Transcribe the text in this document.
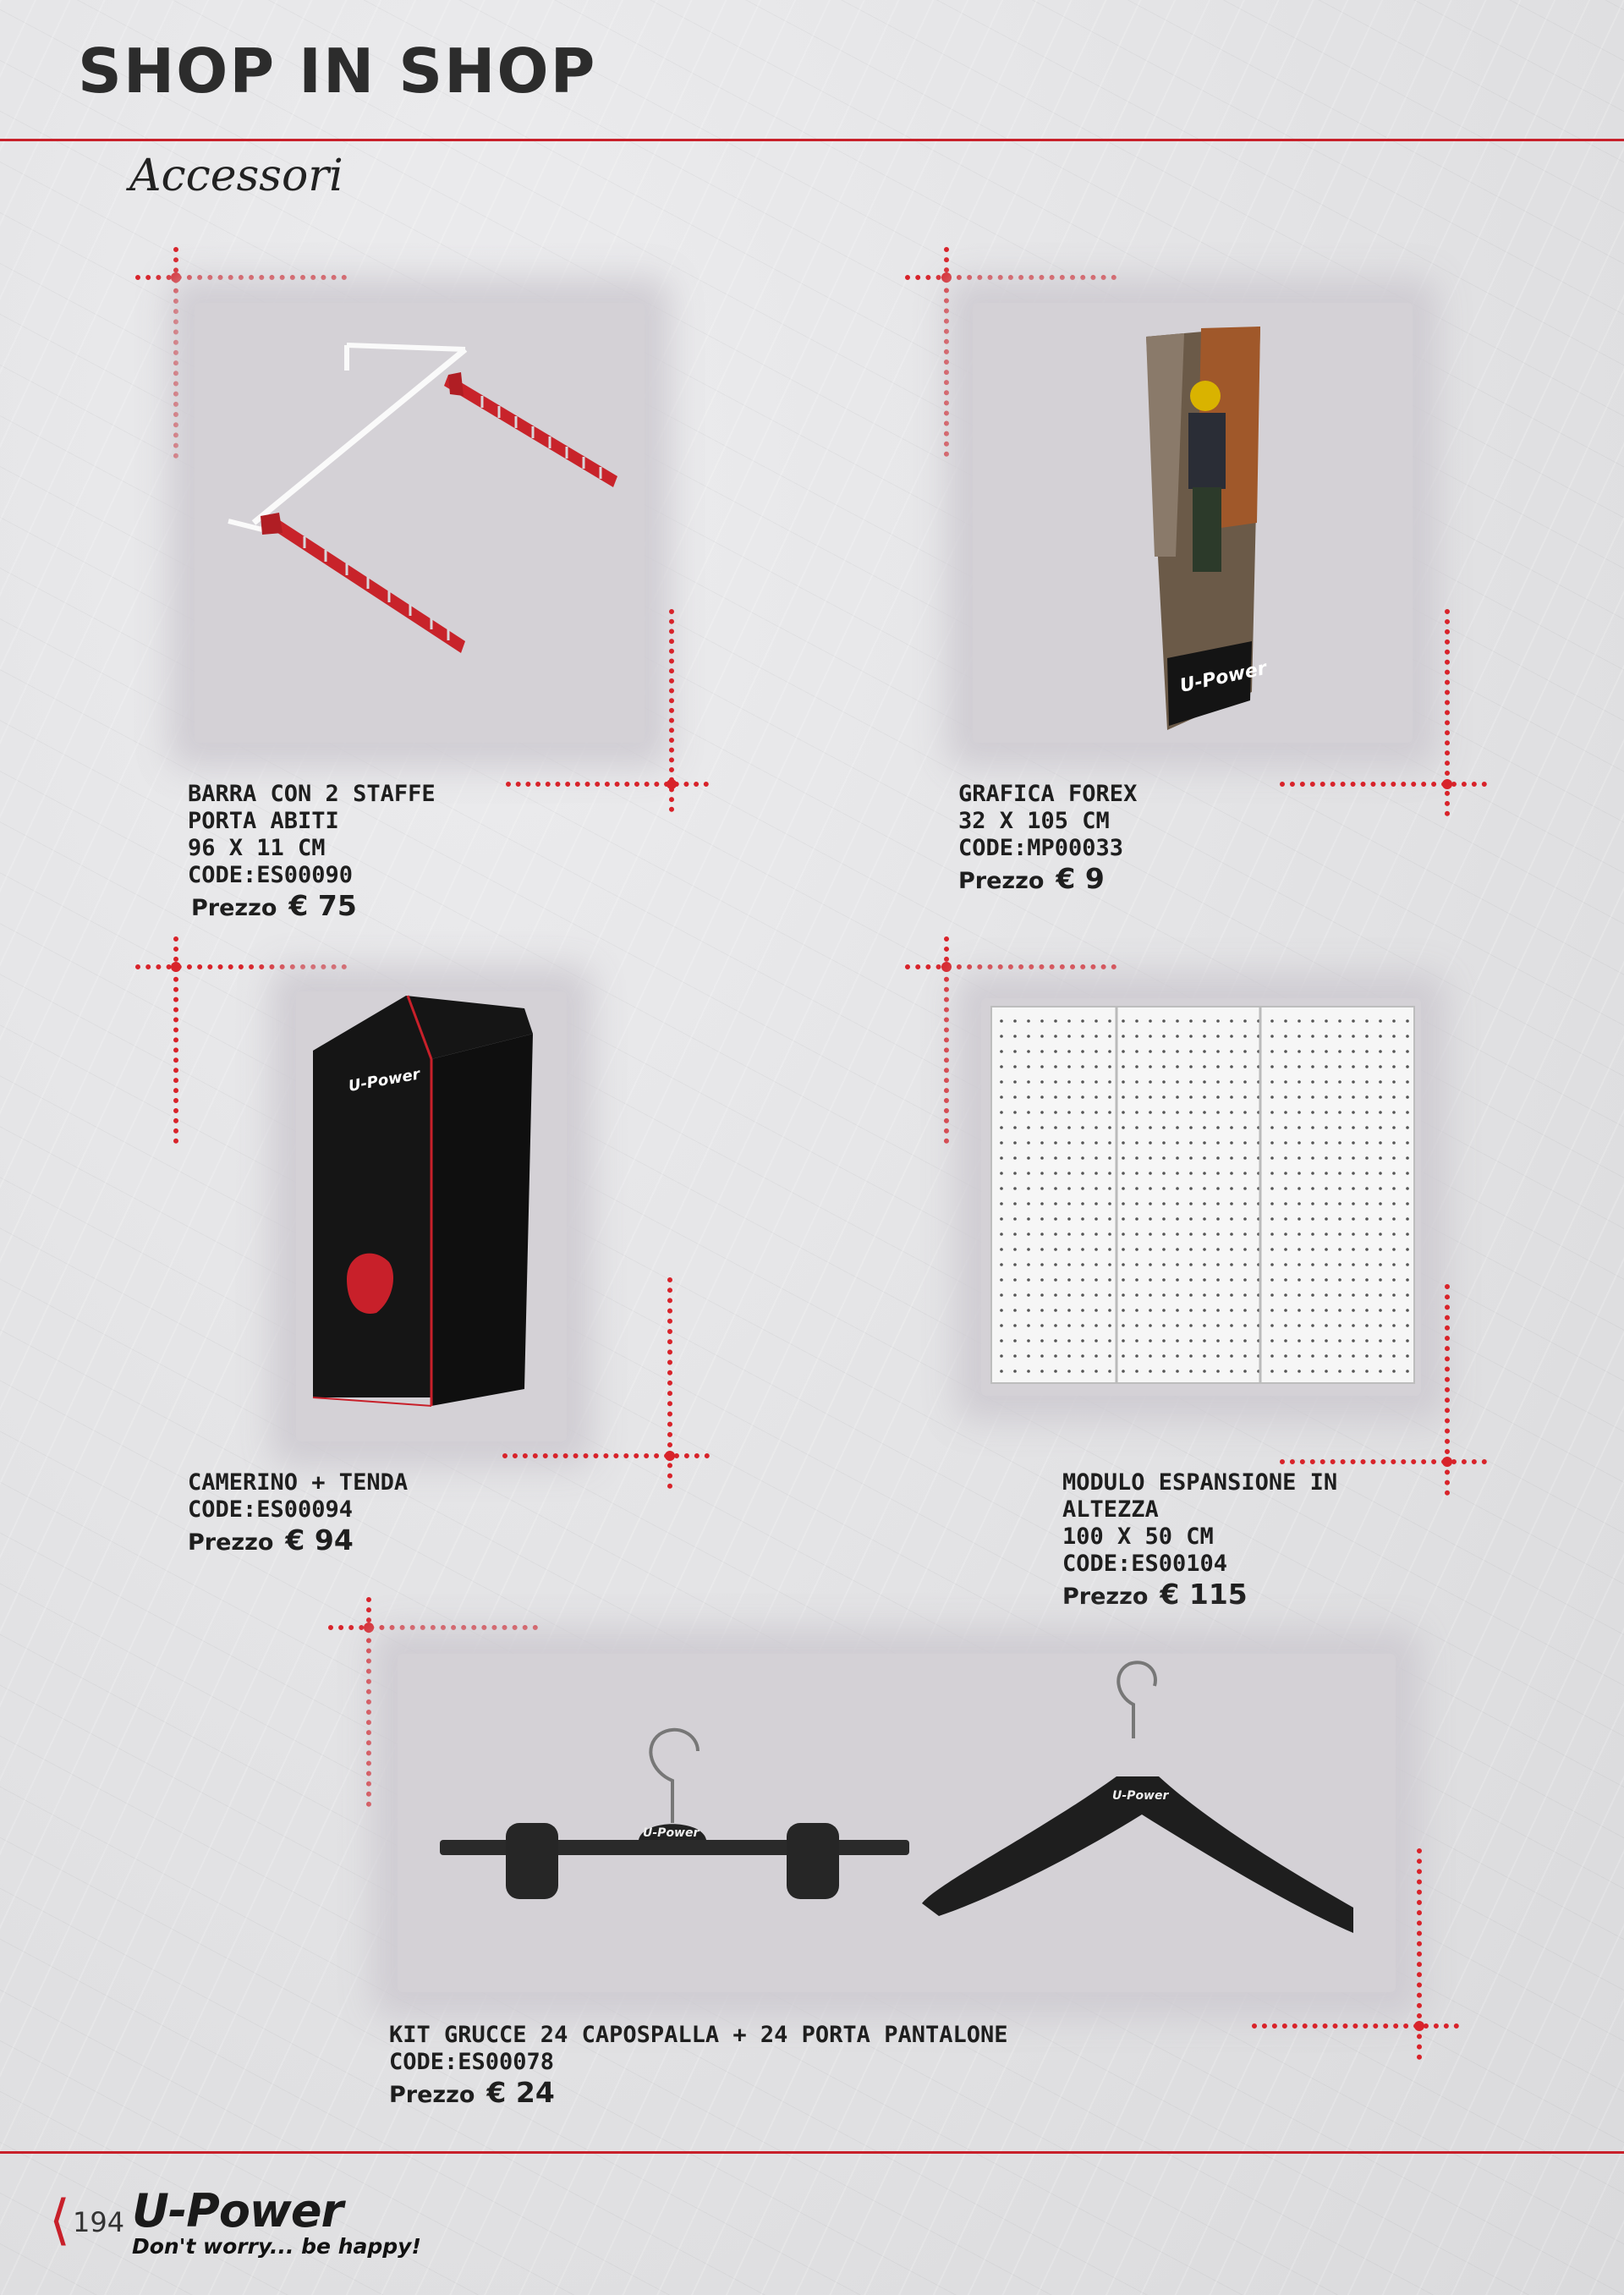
SHOP IN SHOP
Accessori
BARRA CON 2 STAFFE
PORTA ABITI
96 X 11 CM
CODE:ES00090
Prezzo € 75
U-Power
GRAFICA FOREX
32 X 105 CM
CODE:MP00033
Prezzo € 9
U-Power
CAMERINO + TENDA
CODE:ES00094
Prezzo € 94
MODULO ESPANSIONE IN
ALTEZZA
100 X 50 CM
CODE:ES00104
Prezzo € 115
U-Power
U-Power
KIT GRUCCE 24 CAPOSPALLA + 24 PORTA PANTALONE
CODE:ES00078
Prezzo € 24
⟨ 194 U-Power
Don't worry... be happy!
